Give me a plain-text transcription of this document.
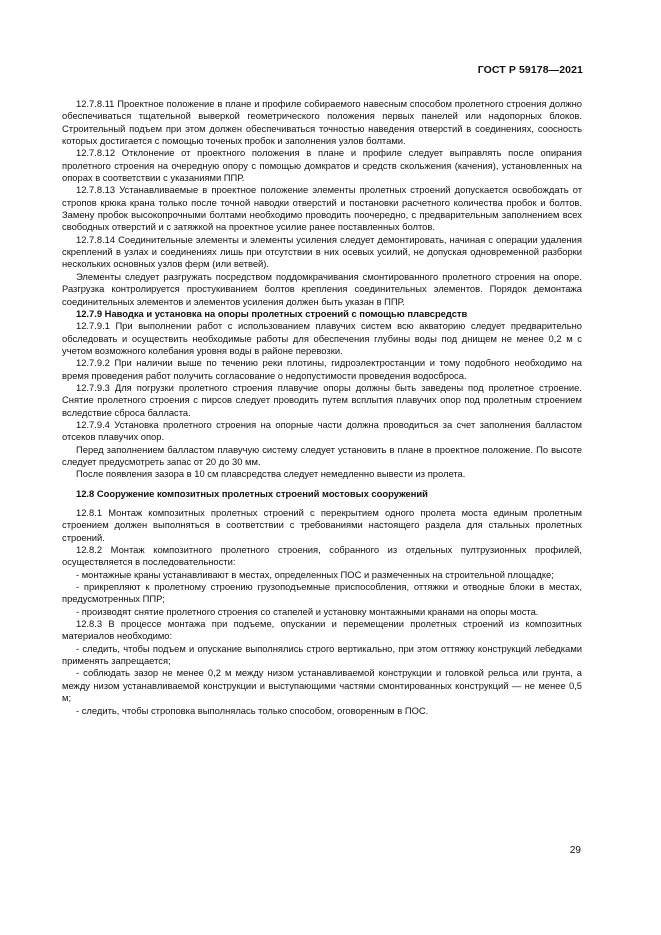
ГОСТ Р 59178—2021

12.7.8.11 Проектное положение в плане и профиле собираемого навесным способом пролетного строения должно обеспечиваться тщательной выверкой геометрического положения первых панелей или надопорных блоков. Строительный подъем при этом должен обеспечиваться точностью наведения отверстий в соединениях, соосность которых достигается с помощью точеных пробок и заполнения узлов болтами.

12.7.8.12 Отклонение от проектного положения в плане и профиле следует выправлять после опирания пролетного строения на очередную опору с помощью домкратов и средств скольжения (качения), установленных на опорах в соответствии с указаниями ППР.

12.7.8.13 Устанавливаемые в проектное положение элементы пролетных строений допускается освобождать от стропов крюка крана только после точной наводки отверстий и постановки расчетного количества пробок и болтов. Замену пробок высокопрочными болтами необходимо проводить поочередно, с предварительным заполнением всех свободных отверстий и с затяжкой на проектное усилие ранее поставленных болтов.

12.7.8.14 Соединительные элементы и элементы усиления следует демонтировать, начиная с операции удаления скреплений в узлах и соединениях лишь при отсутствии в них осевых усилий, не допуская одновременной разборки нескольких основных узлов ферм (или ветвей).

Элементы следует разгружать посредством поддомкрачивания смонтированного пролетного строения на опоре. Разгрузка контролируется простукиванием болтов крепления соединительных элементов. Порядок демонтажа соединительных элементов и элементов усиления должен быть указан в ППР.

12.7.9 Наводка и установка на опоры пролетных строений с помощью плавсредств

12.7.9.1 При выполнении работ с использованием плавучих систем всю акваторию следует предварительно обследовать и осуществить необходимые работы для обеспечения глубины воды под днищем не менее 0,2 м с учетом возможного колебания уровня воды в районе перевозки.

12.7.9.2 При наличии выше по течению реки плотины, гидроэлектростанции и тому подобного необходимо на время проведения работ получить согласование о недопустимости проведения водосброса.

12.7.9.3 Для погрузки пролетного строения плавучие опоры должны быть заведены под пролетное строение. Снятие пролетного строения с пирсов следует проводить путем всплытия плавучих опор под пролетным строением вследствие сброса балласта.

12.7.9.4 Установка пролетного строения на опорные части должна проводиться за счет заполнения балластом отсеков плавучих опор.

Перед заполнением балластом плавучую систему следует установить в плане в проектное положение. По высоте следует предусмотреть запас от 20 до 30 мм.

После появления зазора в 10 см плавсредства следует немедленно вывести из пролета.

12.8 Сооружение композитных пролетных строений мостовых сооружений

12.8.1 Монтаж композитных пролетных строений с перекрытием одного пролета моста единым пролетным строением должен выполняться в соответствии с требованиями настоящего раздела для стальных пролетных строений.

12.8.2 Монтаж композитного пролетного строения, собранного из отдельных пултрузионных профилей, осуществляется в последовательности:

- монтажные краны устанавливают в местах, определенных ПОС и размеченных на строительной площадке;

- прикрепляют к пролетному строению грузоподъемные приспособления, оттяжки и отводные блоки в местах, предусмотренных ППР;

- производят снятие пролетного строения со стапелей и установку монтажными кранами на опоры моста.

12.8.3 В процессе монтажа при подъеме, опускании и перемещении пролетных строений из композитных материалов необходимо:

- следить, чтобы подъем и опускание выполнялись строго вертикально, при этом оттяжку конструкций лебедками применять запрещается;

- соблюдать зазор не менее 0,2 м между низом устанавливаемой конструкции и головкой рельса или грунта, а между низом устанавливаемой конструкции и выступающими частями смонтированных конструкций — не менее 0,5 м;

- следить, чтобы строповка выполнялась только способом, оговоренным в ПОС.

29
